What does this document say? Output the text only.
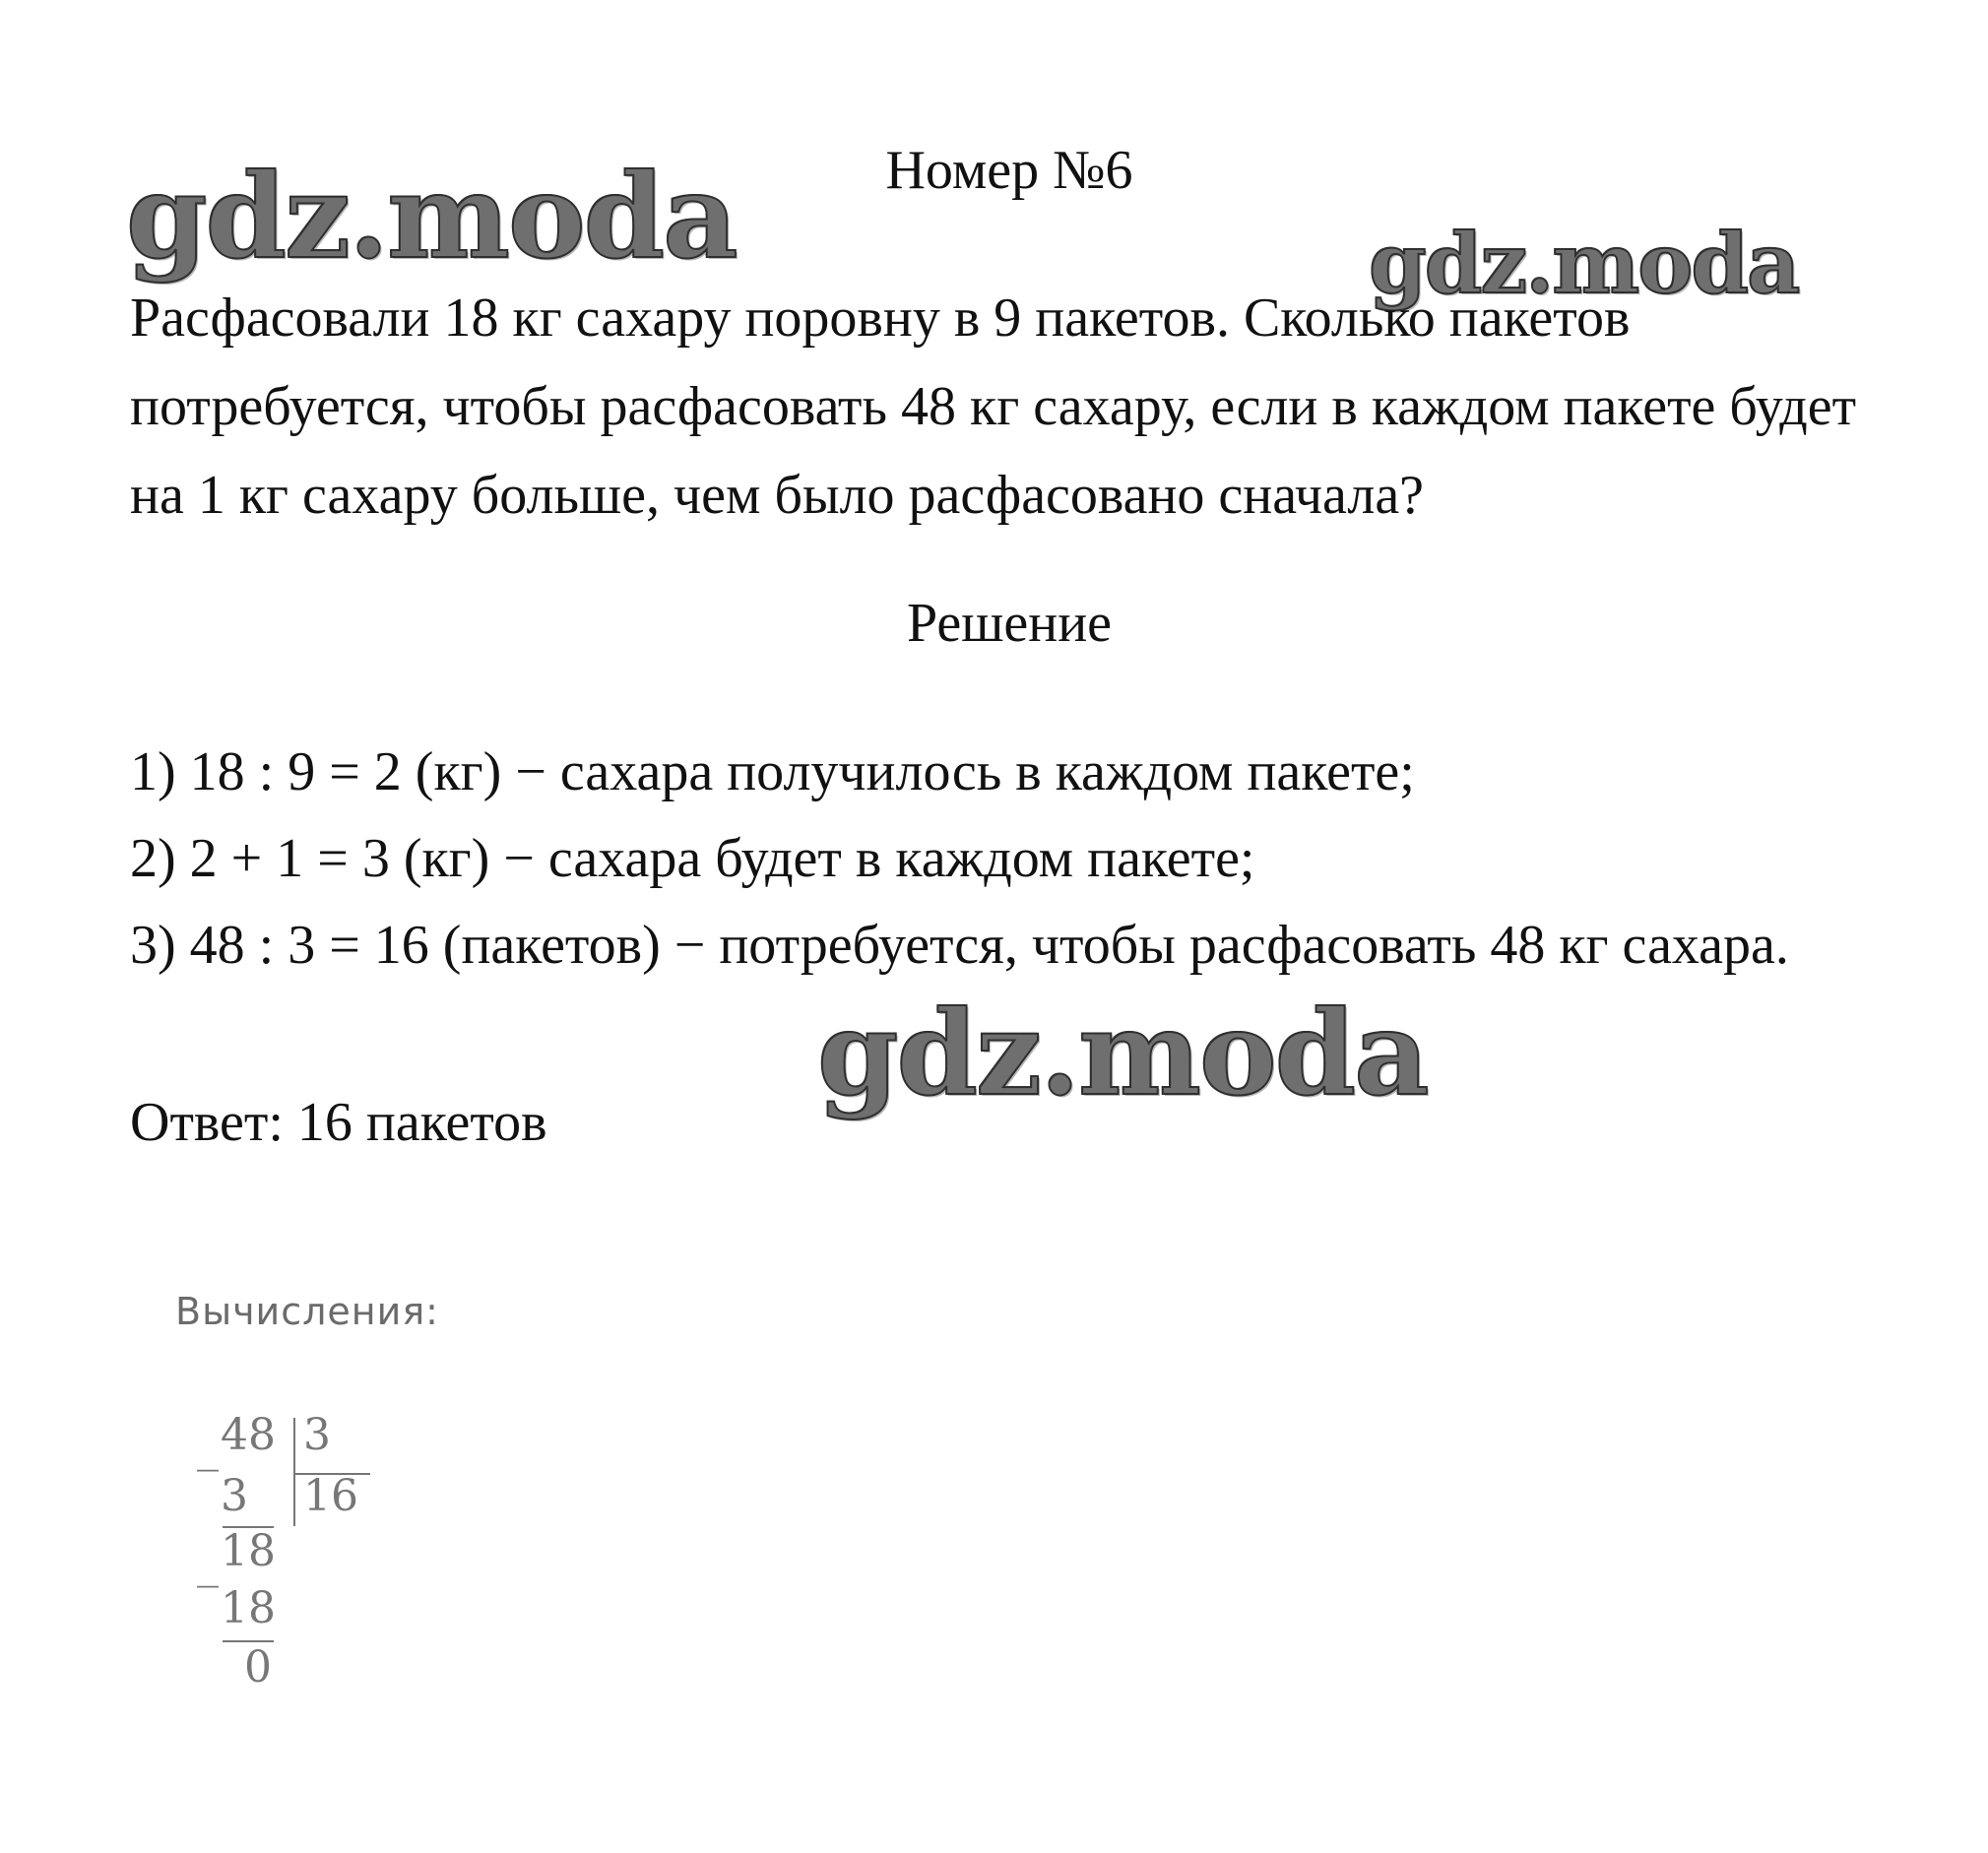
gdz.moda	gdz.moda
gdz.moda
Номер №6

Расфасовали 18 кг сахару поровну в 9 пакетов. Сколько пакетов потребуется, чтобы расфасовать 48 кг сахару, если в каждом пакете будет на 1 кг сахару больше, чем было расфасовано сначала?

Решение

1) 18 : 9 = 2 (кг) − сахара получилось в каждом пакете;

2) 2 + 1 = 3 (кг) − сахара будет в каждом пакете;

3) 48 : 3 = 16 (пакетов) − потребуется, чтобы расфасовать 48 кг сахара.

Ответ: 16 пакетов
Вычисления:
_ 48 3
3 16
18
_
18
0
